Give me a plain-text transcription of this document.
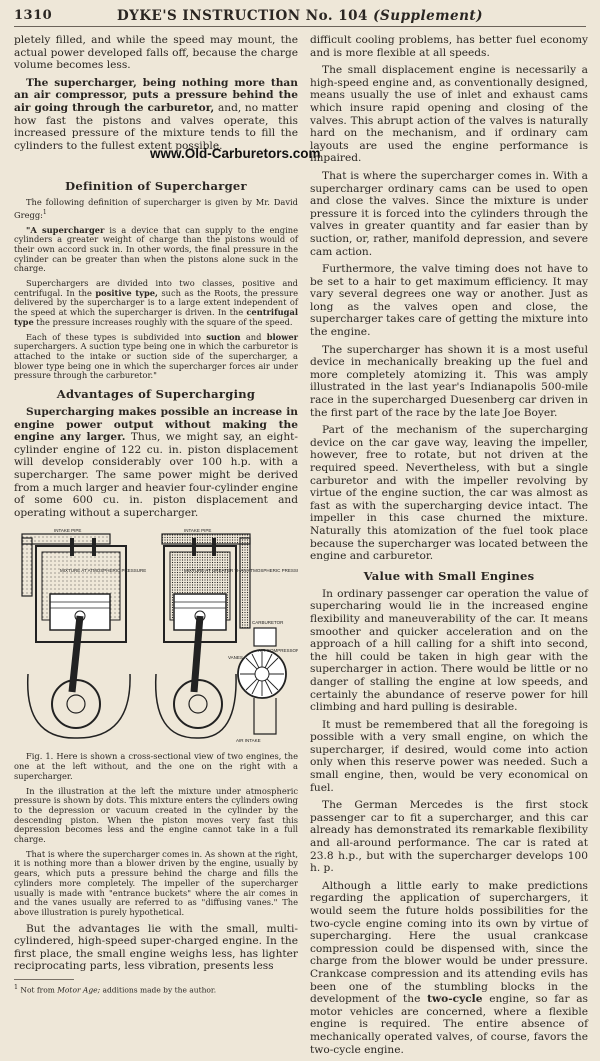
1310	DYKE'S INSTRUCTION No. 104 (Supplement)

pletely filled, and while the speed may mount, the actual power developed falls off, because the charge volume becomes less.

The supercharger, being nothing more than an air compressor, puts a pressure behind the air going through the carburetor, and, no matter how fast the pistons and valves operate, this increased pressure of the mixture tends to fill the cylinders to the fullest extent possible.

Definition of Supercharger

The following definition of supercharger is given by Mr. David Gregg:$^1$

"A supercharger is a device that can supply to the engine cylinders a greater weight of charge than the pistons would of their own accord suck in. In other words, the final pressure in the cylinder can be greater than when the pistons alone suck in the charge.

Superchargers are divided into two classes, positive and centrifugal. In the positive type, such as the Roots, the pressure delivered by the supercharger is to a large extent independent of the speed at which the supercharger is driven. In the centrifugal type the pressure increases roughly with the square of the speed.

Each of these types is subdivided into suction and blower superchargers. A suction type being one in which the carburetor is attached to the intake or suction side of the supercharger, a blower type being one in which the supercharger forces air under pressure through the carburetor."

Advantages of Supercharging

Supercharging makes possible an increase in engine power output without making the engine any larger. Thus, we might say, an eight-cylinder engine of 122 cu. in. piston displacement will develop considerably over 100 h.p. with a supercharger. The same power might be derived from a much larger and heavier four-cylinder engine of some 600 cu. in. piston displacement and operating without a supercharger.

INTAKE PIPE
MIXTURE AT ATMOSPHERIC PRESSURE
INTAKE PIPE
MIXTURE AT GREATER THAN ATMOSPHERIC PRESSURE
CARBURETOR
AIR COMPRESSOR
VANES
AIR INTAKE

Fig. 1. Here is shown a cross-sectional view of two engines, the one at the left without, and the one on the right with a supercharger.

In the illustration at the left the mixture under atmospheric pressure is shown by dots. This mixture enters the cylinders owing to the depression or vacuum created in the cylinder by the descending piston. When the piston moves very fast this depression becomes less and the engine cannot take in a full charge.

That is where the supercharger comes in. As shown at the right, it is nothing more than a blower driven by the engine, usually by gears, which puts a pressure behind the charge and fills the cylinders more completely. The impeller of the supercharger usually is made with "entrance buckets" where the air comes in and the vanes usually are referred to as "diffusing vanes." The above illustration is purely hypothetical.

But the advantages lie with the small, multi-cylindered, high-speed super-charged engine. In the first place, the small engine weighs less, has lighter reciprocating parts, less vibration, presents less

$^1$ Not from Motor Age; additions made by the author.

www.Old-Carburetors.com

difficult cooling problems, has better fuel economy and is more flexible at all speeds.

The small displacement engine is necessarily a high-speed engine and, as conventionally designed, means usually the use of inlet and exhaust cams which insure rapid opening and closing of the valves. This abrupt action of the valves is naturally hard on the mechanism, and if ordinary cam layouts are used the engine performance is impaired.

That is where the supercharger comes in. With a supercharger ordinary cams can be used to open and close the valves. Since the mixture is under pressure it is forced into the cylinders through the valves in greater quantity and far easier than by suction, or, rather, manifold depression, and severe cam action.

Furthermore, the valve timing does not have to be set to a hair to get maximum efficiency. It may vary several degrees one way or another. Just as long as the valves open and close, the supercharger takes care of getting the mixture into the engine.

The supercharger has shown it is a most useful device in mechanically breaking up the fuel and more completely atomizing it. This was amply illustrated in the last year's Indianapolis 500-mile race in the supercharged Duesenberg car driven in the first part of the race by the late Joe Boyer.

Part of the mechanism of the supercharging device on the car gave way, leaving the impeller, however, free to rotate, but not driven at the required speed. Nevertheless, with but a single carburetor and with the impeller revolving by virtue of the engine suction, the car was almost as fast as with the supercharging device intact. The impeller in this case churned the mixture. Naturally this atomization of the fuel took place because the supercharger was located between the engine and carburetor.

Value with Small Engines

In ordinary passenger car operation the value of supercharing would lie in the increased engine flexibility and maneuverability of the car. It means smoother and quicker acceleration and on the approach of a hill calling for a shift into second, the hill could be taken in high gear with the supercharger in action. There would be little or no danger of stalling the engine at low speeds, and certainly the abundance of reserve power for hill climbing and hard pulling is desirable.

It must be remembered that all the foregoing is possible with a very small engine, on which the supercharger, if desired, would come into action only when this reserve power was needed. Such a small engine, then, would be very economical on fuel.

The German Mercedes is the first stock passenger car to fit a supercharger, and this car already has demonstrated its remarkable flexibility and all-around performance. The car is rated at 23.8 h.p., but with the supercharger develops 100 h. p.

Although a little early to make predictions regarding the application of superchargers, it would seem the future holds possibilities for the two-cycle engine coming into its own by virtue of supercharging. Here the usual crankcase compression could be dispensed with, since the charge from the blower would be under pressure. Crankcase compression and its attending evils has been one of the stumbling blocks in the development of the two-cycle engine, so far as motor vehicles are concerned, where a flexible engine is required. The entire absence of mechanically operated valves, of course, favors the two-cycle engine.
